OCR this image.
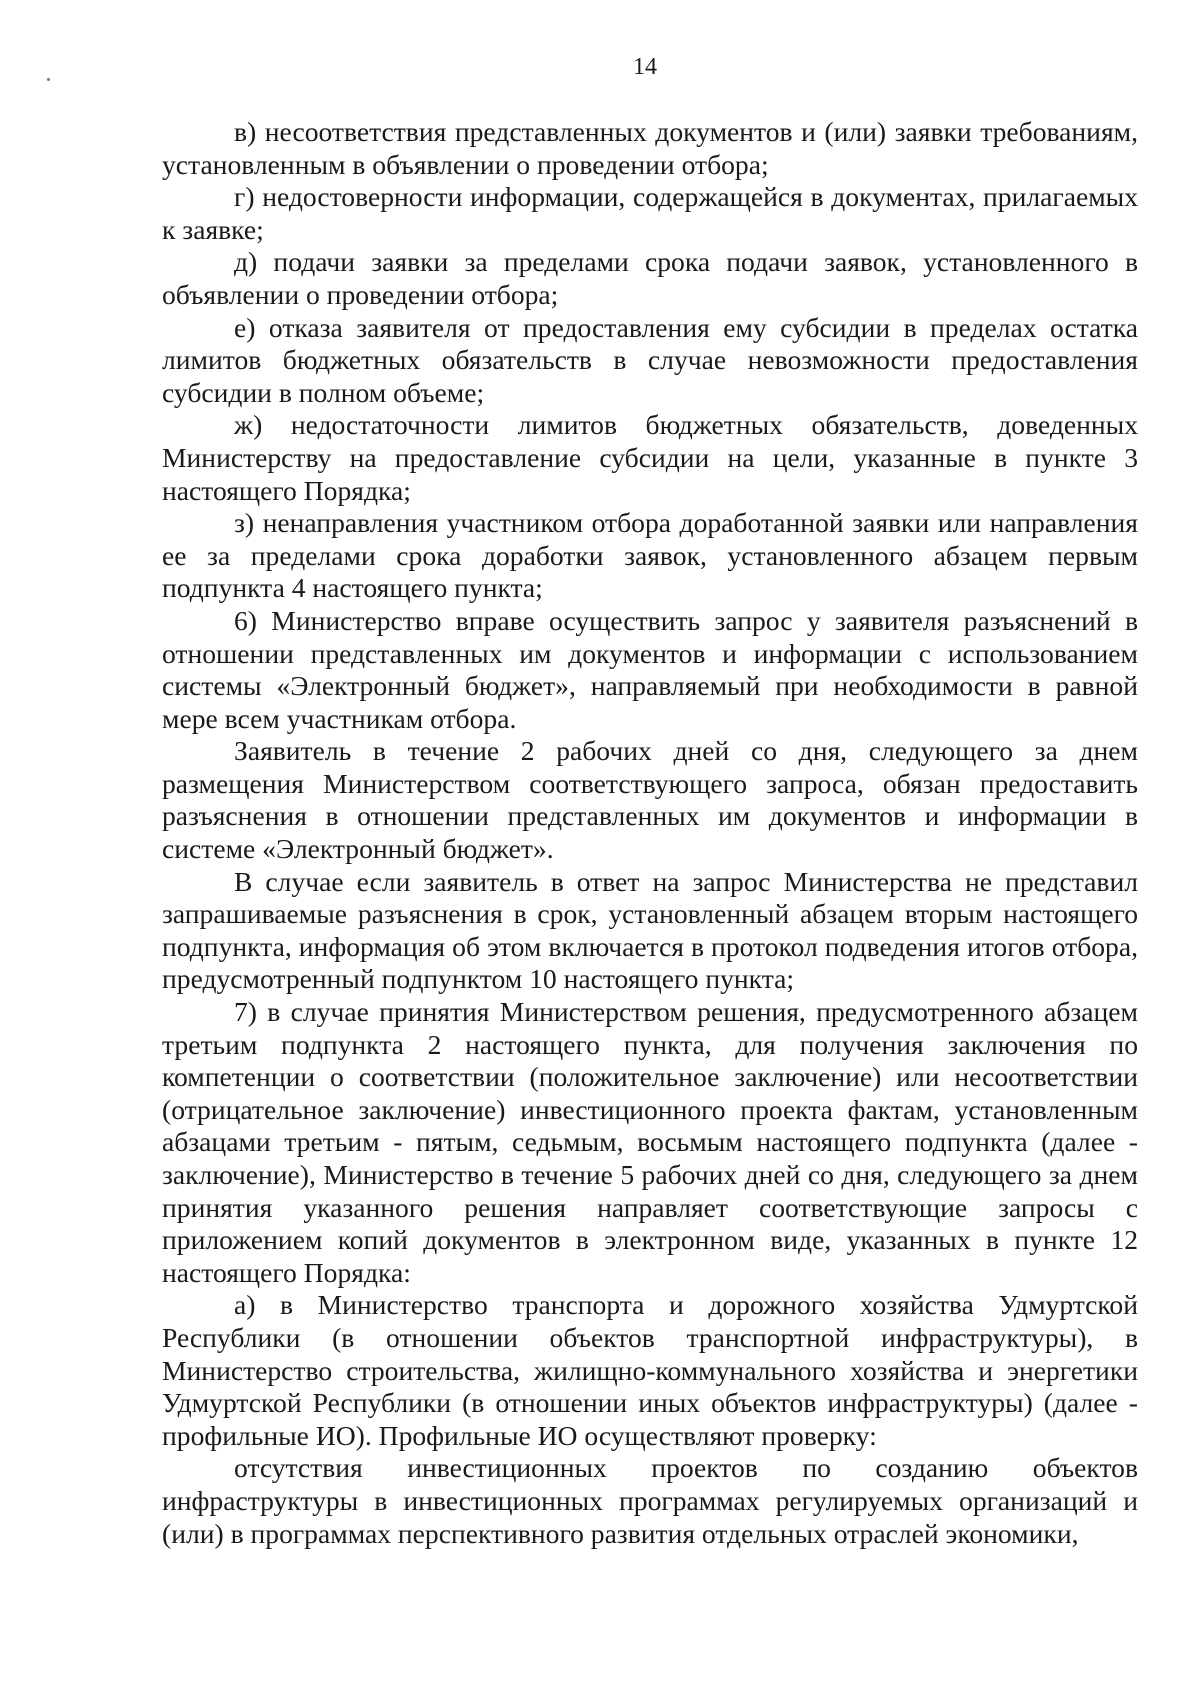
14

в) несоответствия представленных документов и (или) заявки требованиям, установленным в объявлении о проведении отбора;

г) недостоверности информации, содержащейся в документах, прилагаемых к заявке;

д) подачи заявки за пределами срока подачи заявок, установленного в объявлении о проведении отбора;

е) отказа заявителя от предоставления ему субсидии в пределах остатка лимитов бюджетных обязательств в случае невозможности предоставления субсидии в полном объеме;

ж) недостаточности лимитов бюджетных обязательств, доведенных Министерству на предоставление субсидии на цели, указанные в пункте 3 настоящего Порядка;

з) ненаправления участником отбора доработанной заявки или направления ее за пределами срока доработки заявок, установленного абзацем первым подпункта 4 настоящего пункта;

6) Министерство вправе осуществить запрос у заявителя разъяснений в отношении представленных им документов и информации с использованием системы «Электронный бюджет», направляемый при необходимости в равной мере всем участникам отбора.

Заявитель в течение 2 рабочих дней со дня, следующего за днем размещения Министерством соответствующего запроса, обязан предоставить разъяснения в отношении представленных им документов и информации в системе «Электронный бюджет».

В случае если заявитель в ответ на запрос Министерства не представил запрашиваемые разъяснения в срок, установленный абзацем вторым настоящего подпункта, информация об этом включается в протокол подведения итогов отбора, предусмотренный подпунктом 10 настоящего пункта;

7) в случае принятия Министерством решения, предусмотренного абзацем третьим подпункта 2 настоящего пункта, для получения заключения по компетенции о соответствии (положительное заключение) или несоответствии (отрицательное заключение) инвестиционного проекта фактам, установленным абзацами третьим - пятым, седьмым, восьмым настоящего подпункта (далее - заключение), Министерство в течение 5 рабочих дней со дня, следующего за днем принятия указанного решения направляет соответствующие запросы с приложением копий документов в электронном виде, указанных в пункте 12 настоящего Порядка:

а) в Министерство транспорта и дорожного хозяйства Удмуртской Республики (в отношении объектов транспортной инфраструктуры), в Министерство строительства, жилищно-коммунального хозяйства и энергетики Удмуртской Республики (в отношении иных объектов инфраструктуры) (далее - профильные ИО). Профильные ИО осуществляют проверку:

отсутствия инвестиционных проектов по созданию объектов инфраструктуры в инвестиционных программах регулируемых организаций и (или) в программах перспективного развития отдельных отраслей экономики,
